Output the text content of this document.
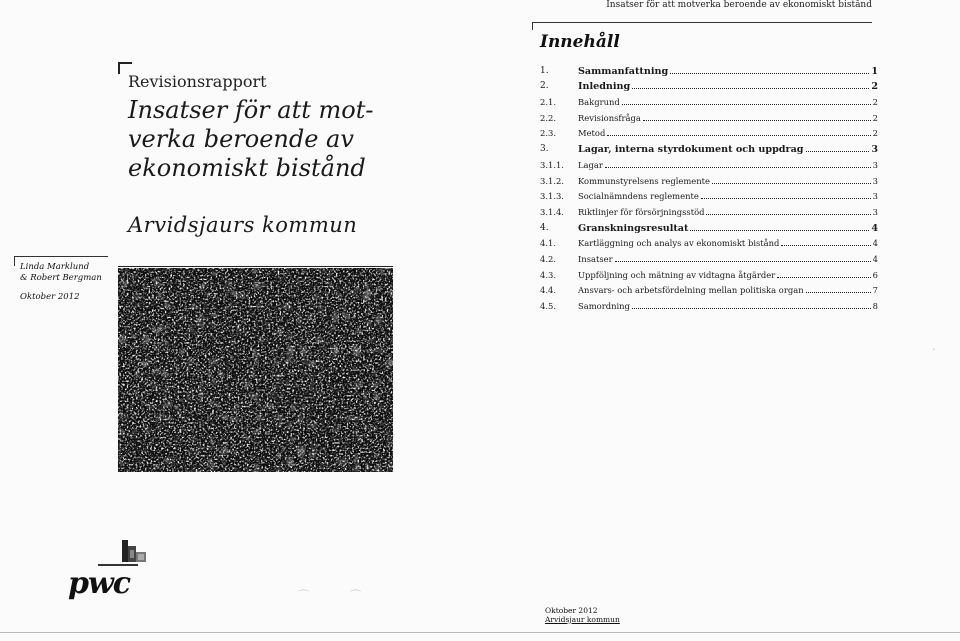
Revisionsrapport
Insatser för att mot-
verka beroende av
ekonomiskt bistånd
Arvidsjaurs kommun
Linda Marklund
& Robert Bergman
Oktober 2012
pwc
Insatser för att motverka beroende av ekonomiskt bistånd
Innehåll
1.	Sammanfattning	1
2.	Inledning	2
2.1.	Bakgrund	2
2.2.	Revisionsfråga	2
2.3.	Metod	2
3.	Lagar, interna styrdokument och uppdrag	3
3.1.1.	Lagar	3
3.1.2.	Kommunstyrelsens reglemente	3
3.1.3.	Socialnämndens reglemente	3
3.1.4.	Riktlinjer för försörjningsstöd	3
4.	Granskningsresultat	4
4.1.	Kartläggning och analys av ekonomiskt bistånd	4
4.2.	Insatser	4
4.3.	Uppföljning och mätning av vidtagna åtgärder	6
4.4.	Ansvars- och arbetsfördelning mellan politiska organ	7
4.5.	Samordning	8
·
⌒	⌒
Oktober 2012
Arvidsjaur kommun
